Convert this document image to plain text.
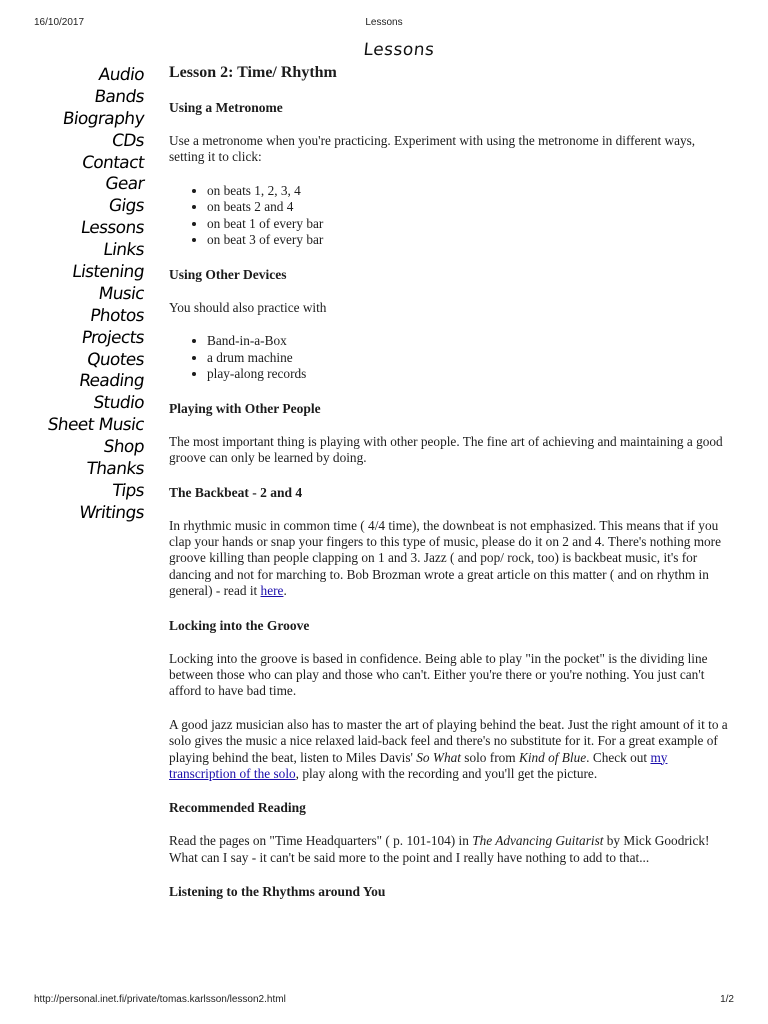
16/10/2017	Lessons
Lessons
Audio
Bands
Biography
CDs
Contact
Gear
Gigs
Lessons
Links
Listening
Music
Photos
Projects
Quotes
Reading
Studio
Sheet Music
Shop
Thanks
Tips
Writings
Lesson 2: Time/ Rhythm
Using a Metronome

Use a metronome when you're practicing. Experiment with using the metronome in different ways, setting it to click:

• on beats 1, 2, 3, 4
• on beats 2 and 4
• on beat 1 of every bar
• on beat 3 of every bar
Using Other Devices

You should also practice with

• Band-in-a-Box
• a drum machine
• play-along records
Playing with Other People

The most important thing is playing with other people. The fine art of achieving and maintaining a good groove can only be learned by doing.

The Backbeat - 2 and 4

In rhythmic music in common time ( 4/4 time), the downbeat is not emphasized. This means that if you clap your hands or snap your fingers to this type of music, please do it on 2 and 4. There's nothing more groove killing than people clapping on 1 and 3. Jazz ( and pop/ rock, too) is backbeat music, it's for dancing and not for marching to. Bob Brozman wrote a great article on this matter ( and on rhythm in general) - read it here.

Locking into the Groove

Locking into the groove is based in confidence. Being able to play "in the pocket" is the dividing line between those who can play and those who can't. Either you're there or you're nothing. You just can't afford to have bad time.

A good jazz musician also has to master the art of playing behind the beat. Just the right amount of it to a solo gives the music a nice relaxed laid-back feel and there's no substitute for it. For a great example of playing behind the beat, listen to Miles Davis' So What solo from Kind of Blue. Check out my transcription of the solo, play along with the recording and you'll get the picture.

Recommended Reading

Read the pages on "Time Headquarters" ( p. 101-104) in The Advancing Guitarist by Mick Goodrick! What can I say - it can't be said more to the point and I really have nothing to add to that...

Listening to the Rhythms around You
http://personal.inet.fi/private/tomas.karlsson/lesson2.html	1/2
